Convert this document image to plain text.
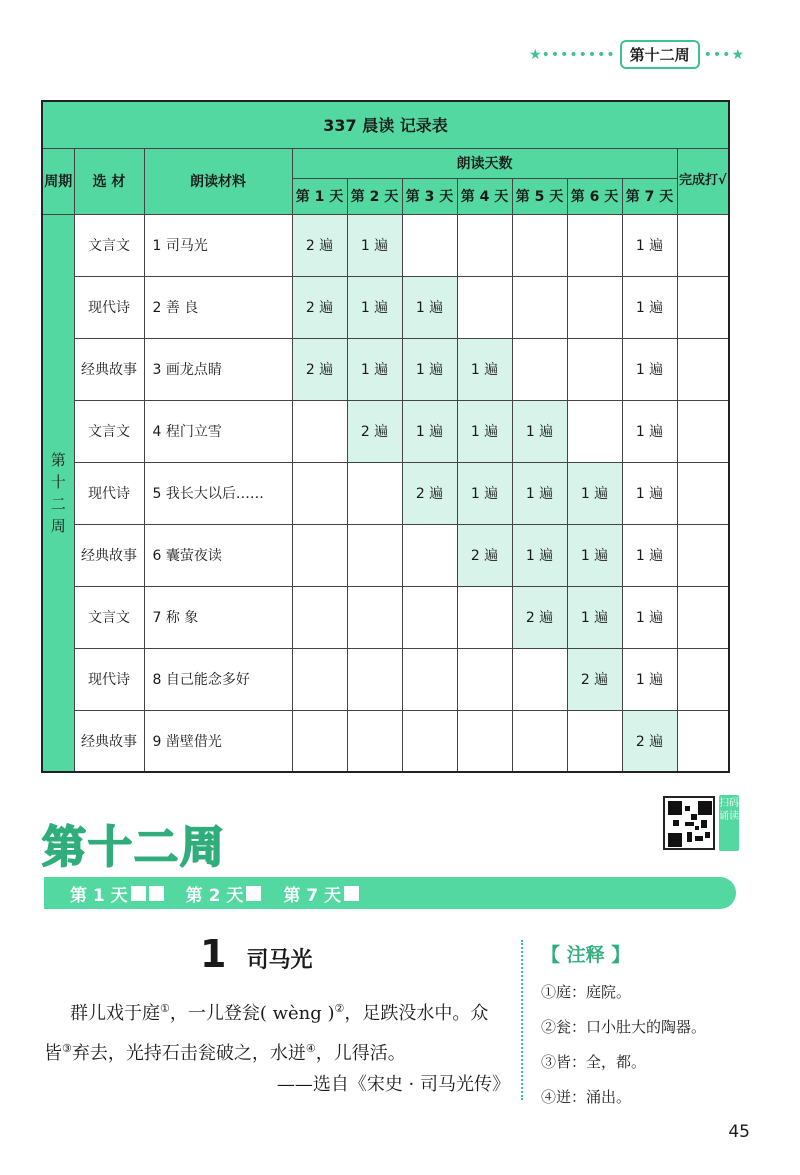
★ •••••••• 第十二周	••• ★
337 晨读 记录表										
周期	选 材	朗读材料	朗读天数							完成打√
			第 1 天	第 2 天	第 3 天	第 4 天	第 5 天	第 6 天	第 7 天	
第十二周	文言文	1 司马光	2 遍	1 遍					1 遍	
	现代诗	2 善 良	2 遍	1 遍	1 遍				1 遍	
	经典故事	3 画龙点睛	2 遍	1 遍	1 遍	1 遍			1 遍	
	文言文	4 程门立雪		2 遍	1 遍	1 遍	1 遍		1 遍	
	现代诗	5 我长大以后……			2 遍	1 遍	1 遍	1 遍	1 遍	
	经典故事	6 囊萤夜读				2 遍	1 遍	1 遍	1 遍	
	文言文	7 称 象					2 遍	1 遍	1 遍	
	现代诗	8 自己能念多好						2 遍	1 遍	
	经典故事	9 凿壁借光							2 遍	
第十二周
扫码诵读
第 1 天	第 2 天 第 7 天
1 司马光
群儿戏于庭①，一儿登瓮( wèng )②，足跌没水中。众
皆③弃去，光持石击瓮破之，水迸④，儿得活。
——选自《宋史 · 司马光传》
【 注释 】
①庭：庭院。
②瓮：口小肚大的陶器。
③皆：全，都。
④迸：涌出。
45
